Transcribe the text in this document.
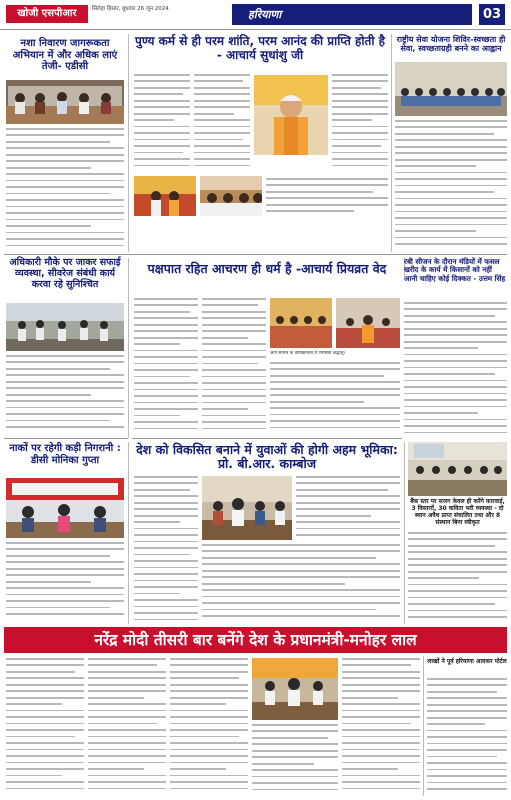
खोजी एसपीआर	सिरोहा हिसार, बुधवार 26 जून 2024	हरियाणा	03
नशा निवारण जागरूकता अभियान में और अधिक लाएं तेजी- एडीसी
पुण्य कर्म से ही परम शांति, परम आनंद की प्राप्ति होती है - आचार्य सुधांशु जी
राष्ट्रीय सेवा योजना शिविर-स्वच्छता ही सेवा, स्वच्छताग्रही बनने का आह्वान
अधिकारी मौके पर जाकर सफाई व्यवस्था, सीवरेज संबंधी कार्य करवा रहे सुनिश्चित
पक्षपात रहित आचरण ही धर्म है -आचार्य प्रियव्रत वेद
आर्य समाज के वार्षिकोत्सव में उपस्थित श्रद्धालु।
रबी सीजन के दौरान मंडियों में फसल खरीद के कार्य में किसानों को नहीं आनी चाहिए कोई दिक्कत - उत्तम सिंह
नाकों पर रहेगी कड़ी निगरानी : डीसी मोनिका गुप्ता
देश को विकसित बनाने में युवाओं की होगी अहम भूमिका: प्रो. बी.आर. काम्बोज
बैंक स्तर पर सजग केवल ही करेंगे कारवाई, 3 विस्तारों, 30 कविता भरी व्यवस्था - दो स्थान अवैध प्राप्त संचालित तथा और 8 संस्थान बिना स्वीकृत
नरेंद्र मोदी तीसरी बार बनेंगे देश के प्रधानमंत्री-मनोहर लाल
लाखों ने पूर्व हरियाणा आयकर पोर्टल
